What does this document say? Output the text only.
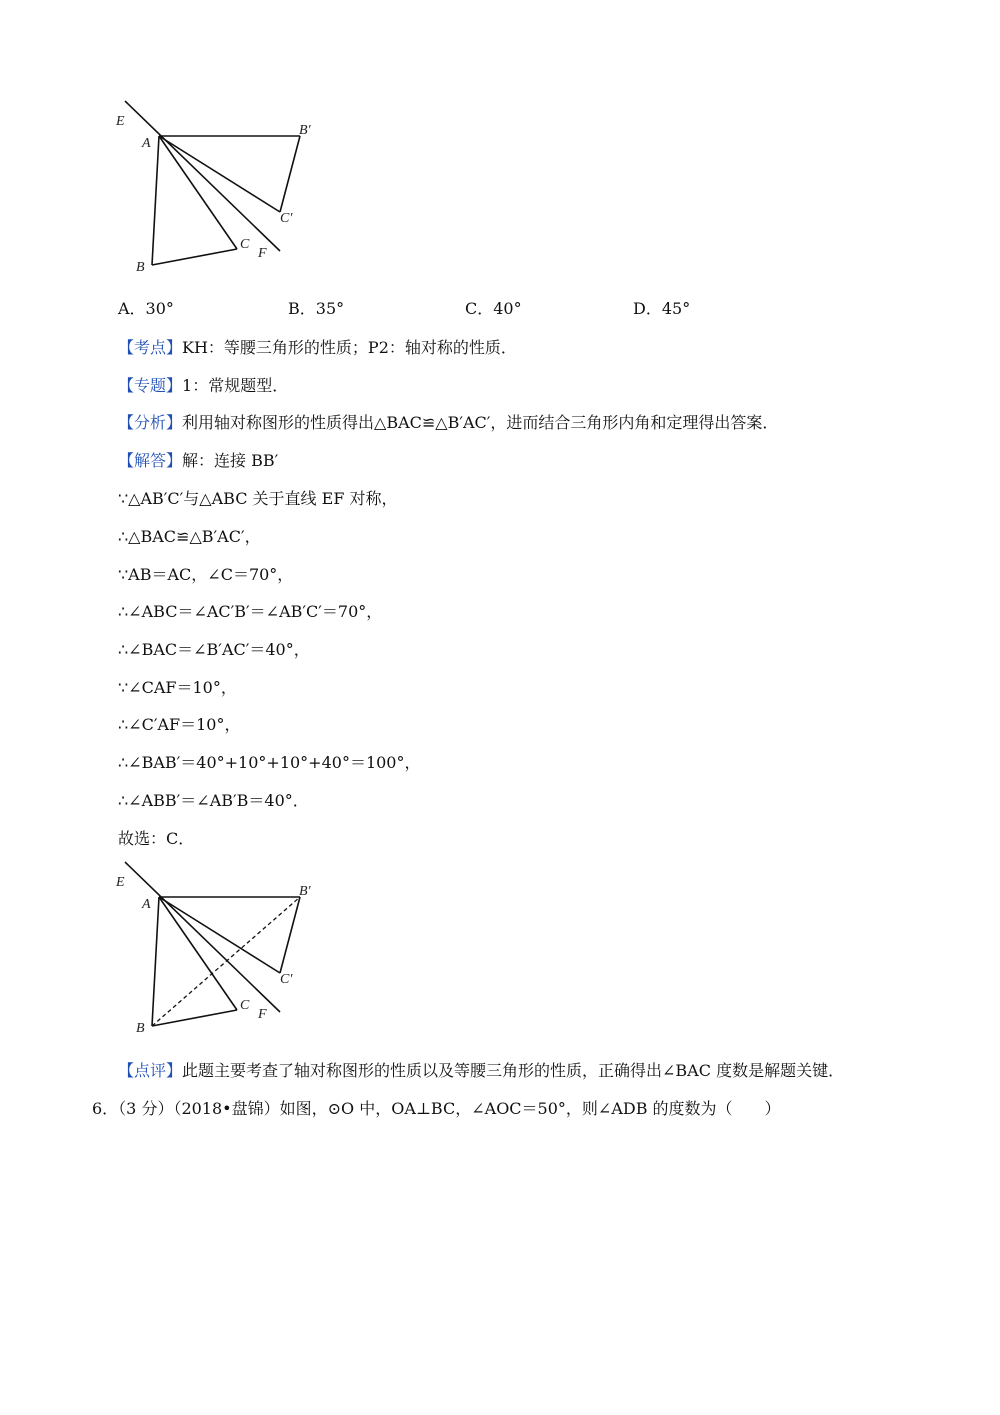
E
A
B′
C′
C
F
B
A．30°	B．35°	C．40°	D．45°
【考点】KH：等腰三角形的性质；P2：轴对称的性质．
【专题】1：常规题型．
【分析】利用轴对称图形的性质得出△BAC≌△B′AC′，进而结合三角形内角和定理得出答案．
【解答】解：连接 BB′
∵△AB′C′与△ABC 关于直线 EF 对称，
∴△BAC≌△B′AC′，
∵AB＝AC，∠C＝70°，
∴∠ABC＝∠AC′B′＝∠AB′C′＝70°，
∴∠BAC＝∠B′AC′＝40°，
∵∠CAF＝10°，
∴∠C′AF＝10°，
∴∠BAB′＝40°+10°+10°+40°＝100°，
∴∠ABB′＝∠AB′B＝40°．
故选：C．
E
A
B′
C′
C
F
B
【点评】此题主要考查了轴对称图形的性质以及等腰三角形的性质，正确得出∠BAC 度数是解题关键．
6．（3 分）（2018•盘锦）如图，⊙O 中，OA⊥BC，∠AOC＝50°，则∠ADB 的度数为（　　）
